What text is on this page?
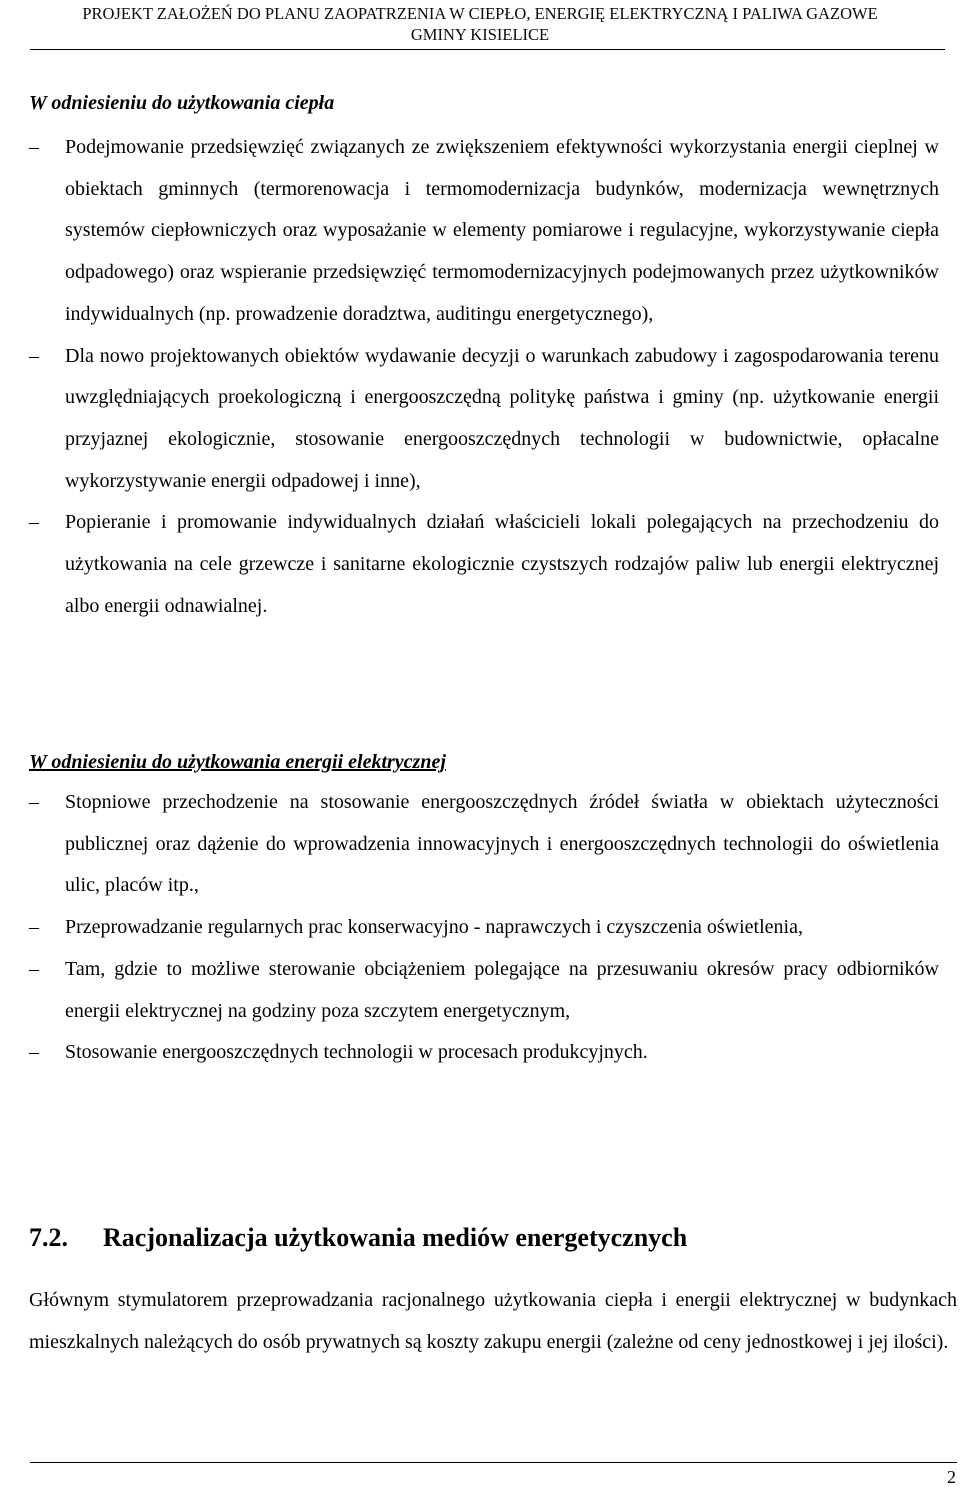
PROJEKT ZAŁOŻEŃ DO PLANU ZAOPATRZENIA W CIEPŁO, ENERGIĘ ELEKTRYCZNĄ I PALIWA GAZOWE
GMINY KISIELICE
W odniesieniu do użytkowania ciepła
–	Podejmowanie przedsięwzięć związanych ze zwiększeniem efektywności wykorzystania energii cieplnej w obiektach gminnych (termorenowacja i termomodernizacja budynków, modernizacja wewnętrznych systemów ciepłowniczych oraz wyposażanie w elementy pomiarowe i regulacyjne, wykorzystywanie ciepła odpadowego) oraz wspieranie przedsięwzięć termomodernizacyjnych podejmowanych przez użytkowników indywidualnych (np. prowadzenie doradztwa, auditingu energetycznego),
–	Dla nowo projektowanych obiektów wydawanie decyzji o warunkach zabudowy i zagospodarowania terenu uwzględniających proekologiczną i energooszczędną politykę państwa i gminy (np. użytkowanie energii przyjaznej ekologicznie, stosowanie energooszczędnych technologii w budownictwie, opłacalne wykorzystywanie energii odpadowej i inne),
–	Popieranie i promowanie indywidualnych działań właścicieli lokali polegających na przechodzeniu do użytkowania na cele grzewcze i sanitarne ekologicznie czystszych rodzajów paliw lub energii elektrycznej albo energii odnawialnej.
W odniesieniu do użytkowania energii elektrycznej
–	Stopniowe przechodzenie na stosowanie energooszczędnych źródeł światła w obiektach użyteczności publicznej oraz dążenie do wprowadzenia innowacyjnych i energooszczędnych technologii do oświetlenia ulic, placów itp.,
–	Przeprowadzanie regularnych prac konserwacyjno - naprawczych i czyszczenia oświetlenia,
–	Tam, gdzie to możliwe sterowanie obciążeniem polegające na przesuwaniu okresów pracy odbiorników energii elektrycznej na godziny poza szczytem energetycznym,
–	Stosowanie energooszczędnych technologii w procesach produkcyjnych.
7.2. Racjonalizacja użytkowania mediów energetycznych

Głównym stymulatorem przeprowadzania racjonalnego użytkowania ciepła i energii elektrycznej w budynkach mieszkalnych należących do osób prywatnych są koszty zakupu energii (zależne od ceny jednostkowej i jej ilości).

2
